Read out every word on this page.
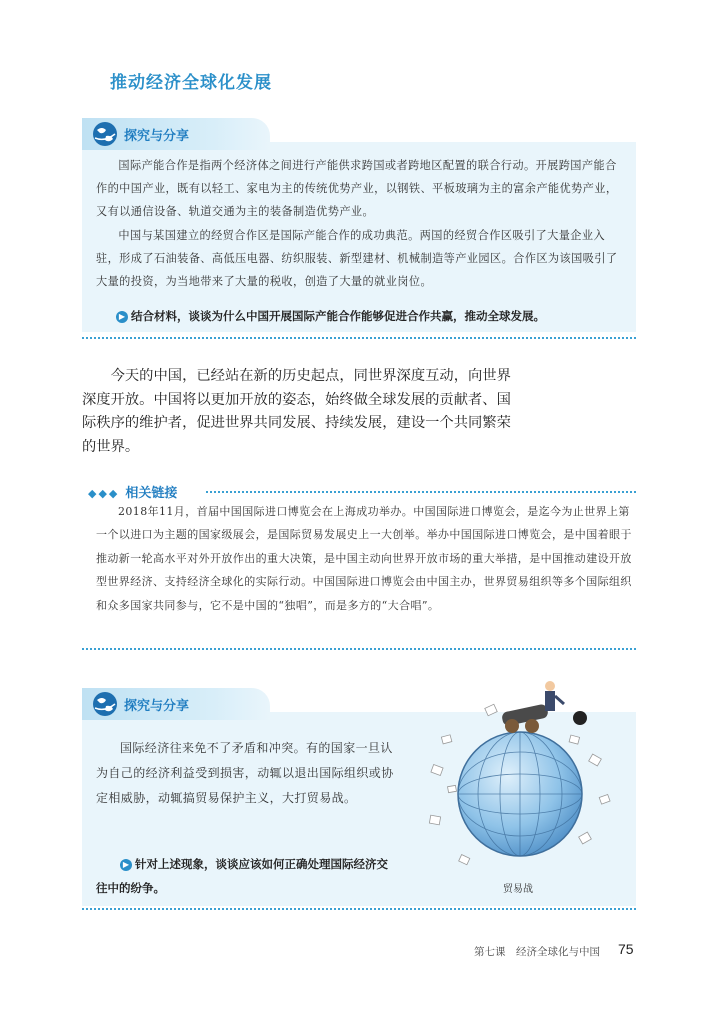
推动经济全球化发展
探究与分享

国际产能合作是指两个经济体之间进行产能供求跨国或者跨地区配置的联合行动。开展跨国产能合作的中国产业，既有以轻工、家电为主的传统优势产业，以钢铁、平板玻璃为主的富余产能优势产业，又有以通信设备、轨道交通为主的装备制造优势产业。

中国与某国建立的经贸合作区是国际产能合作的成功典范。两国的经贸合作区吸引了大量企业入驻，形成了石油装备、高低压电器、纺织服装、新型建材、机械制造等产业园区。合作区为该国吸引了大量的投资，为当地带来了大量的税收，创造了大量的就业岗位。

▶ 结合材料，谈谈为什么中国开展国际产能合作能够促进合作共赢，推动全球发展。

今天的中国，已经站在新的历史起点，同世界深度互动，向世界深度开放。中国将以更加开放的姿态，始终做全球发展的贡献者、国际秩序的维护者，促进世界共同发展、持续发展，建设一个共同繁荣的世界。

◆◆◆ 相关链接

2018年11月，首届中国国际进口博览会在上海成功举办。中国国际进口博览会，是迄今为止世界上第一个以进口为主题的国家级展会，是国际贸易发展史上一大创举。举办中国国际进口博览会，是中国着眼于推动新一轮高水平对外开放作出的重大决策，是中国主动向世界开放市场的重大举措，是中国推动建设开放型世界经济、支持经济全球化的实际行动。中国国际进口博览会由中国主办，世界贸易组织等多个国际组织和众多国家共同参与，它不是中国的“独唱”，而是多方的“大合唱”。

探究与分享

国际经济往来免不了矛盾和冲突。有的国家一旦认为自己的经济利益受到损害，动辄以退出国际组织或协定相威胁，动辄搞贸易保护主义，大打贸易战。

▶ 针对上述现象，谈谈应该如何正确处理国际经济交往中的纷争。	贸易战
第七课　经济全球化与中国 75
